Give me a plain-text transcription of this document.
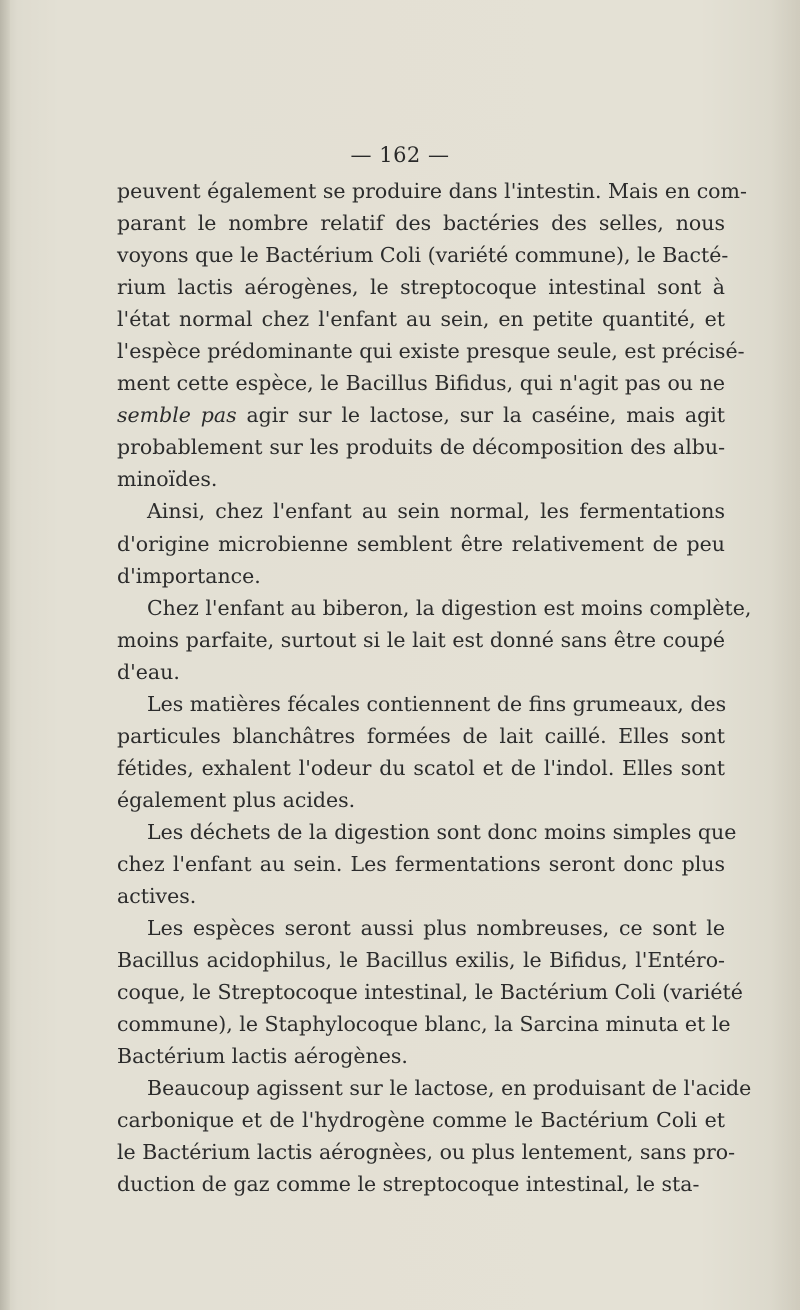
— 162 —

peuvent également se produire dans l'intestin. Mais en com-
parant le nombre relatif des bactéries des selles, nous
voyons que le Bactérium Coli (variété commune), le Bacté-
rium lactis aérogènes, le streptocoque intestinal sont à
l'état normal chez l'enfant au sein, en petite quantité, et
l'espèce prédominante qui existe presque seule, est précisé-
ment cette espèce, le Bacillus Bifidus, qui n'agit pas ou ne
semble pas agir sur le lactose, sur la caséine, mais agit
probablement sur les produits de décomposition des albu-
minoïdes.

Ainsi, chez l'enfant au sein normal, les fermentations
d'origine microbienne semblent être relativement de peu
d'importance.

Chez l'enfant au biberon, la digestion est moins complète,
moins parfaite, surtout si le lait est donné sans être coupé
d'eau.

Les matières fécales contiennent de fins grumeaux, des
particules blanchâtres formées de lait caillé. Elles sont
fétides, exhalent l'odeur du scatol et de l'indol. Elles sont
également plus acides.

Les déchets de la digestion sont donc moins simples que
chez l'enfant au sein. Les fermentations seront donc plus
actives.

Les espèces seront aussi plus nombreuses, ce sont le
Bacillus acidophilus, le Bacillus exilis, le Bifidus, l'Entéro-
coque, le Streptocoque intestinal, le Bactérium Coli (variété
commune), le Staphylocoque blanc, la Sarcina minuta et le
Bactérium lactis aérogènes.

Beaucoup agissent sur le lactose, en produisant de l'acide
carbonique et de l'hydrogène comme le Bactérium Coli et
le Bactérium lactis aérognèes, ou plus lentement, sans pro-
duction de gaz comme le streptocoque intestinal, le sta-
